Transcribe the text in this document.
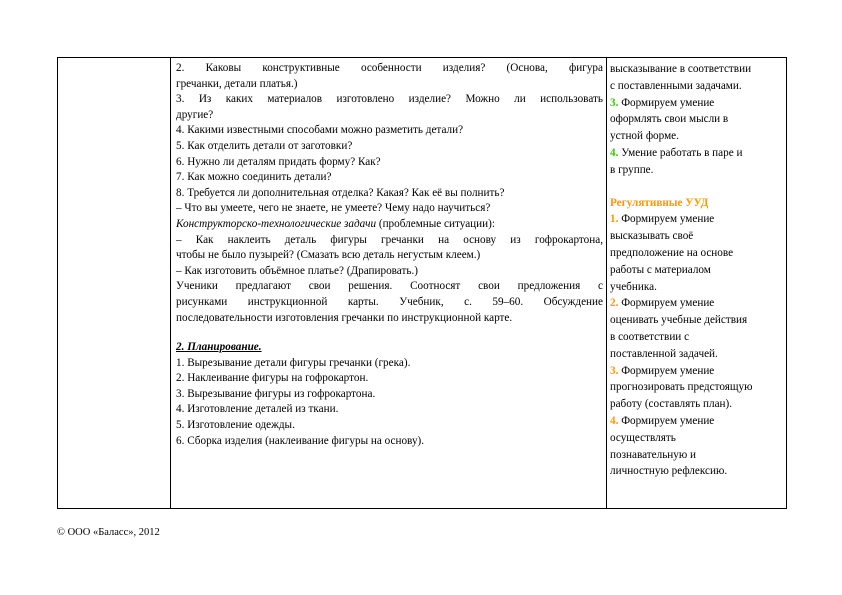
2. Каковы конструктивные особенности изделия? (Основа, фигура
гречанки, детали платья.)
3. Из каких материалов изготовлено изделие? Можно ли использовать
другие?
4. Какими известными способами можно разметить детали?
5. Как отделить детали от заготовки?
6. Нужно ли деталям придать форму? Как?
7. Как можно соединить детали?
8. Требуется ли дополнительная отделка? Какая? Как её вы полнить?
– Что вы умеете, чего не знаете, не умеете? Чему надо научиться?
Конструкторско-технологические задачи (проблемные ситуации):
– Как наклеить деталь фигуры гречанки на основу из гофрокартона,
чтобы не было пузырей? (Смазать всю деталь негустым клеем.)
– Как изготовить объёмное платье? (Драпировать.)
Ученики предлагают свои решения. Соотносят свои предложения с
рисунками инструкционной карты. Учебник, с. 59–60. Обсуждение
последовательности изготовления гречанки по инструкционной карте.
2. Планирование.
1. Вырезывание детали фигуры гречанки (грека).
2. Наклеивание фигуры на гофрокартон.
3. Вырезывание фигуры из гофрокартона.
4. Изготовление деталей из ткани.
5. Изготовление одежды.
6. Сборка изделия (наклеивание фигуры на основу).
высказывание в соответствии
с поставленными задачами.
3. Формируем умение
оформлять свои мысли в
устной форме.
4. Умение работать в паре и
в группе.
Регулятивные УУД
1. Формируем умение
высказывать своё
предположение на основе
работы с материалом
учебника.
2. Формируем умение
оценивать учебные действия
в соответствии с
поставленной задачей.
3. Формируем умение
прогнозировать предстоящую
работу (составлять план).
4. Формируем умение
осуществлять
познавательную и
личностную рефлексию.
© ООО «Баласс», 2012
